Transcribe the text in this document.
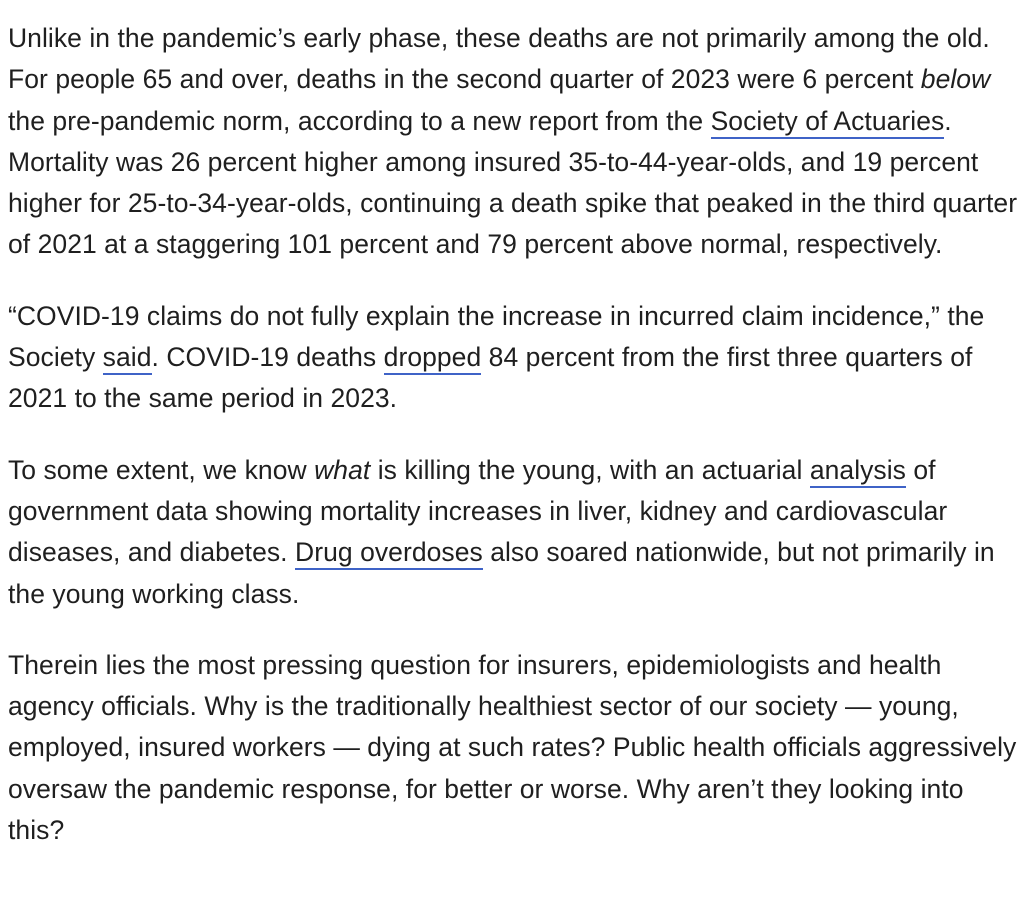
Unlike in the pandemic’s early phase, these deaths are not primarily among the old. For people 65 and over, deaths in the second quarter of 2023 were 6 percent below the pre-pandemic norm, according to a new report from the Society of Actuaries. Mortality was 26 percent higher among insured 35-to-44-year-olds, and 19 percent higher for 25-to-34-year-olds, continuing a death spike that peaked in the third quarter of 2021 at a staggering 101 percent and 79 percent above normal, respectively.

“COVID-19 claims do not fully explain the increase in incurred claim incidence,” the Society said. COVID-19 deaths dropped 84 percent from the first three quarters of 2021 to the same period in 2023.

To some extent, we know what is killing the young, with an actuarial analysis of government data showing mortality increases in liver, kidney and cardiovascular diseases, and diabetes. Drug overdoses also soared nationwide, but not primarily in the young working class.

Therein lies the most pressing question for insurers, epidemiologists and health agency officials. Why is the traditionally healthiest sector of our society — young, employed, insured workers — dying at such rates? Public health officials aggressively oversaw the pandemic response, for better or worse. Why aren’t they looking into this?
